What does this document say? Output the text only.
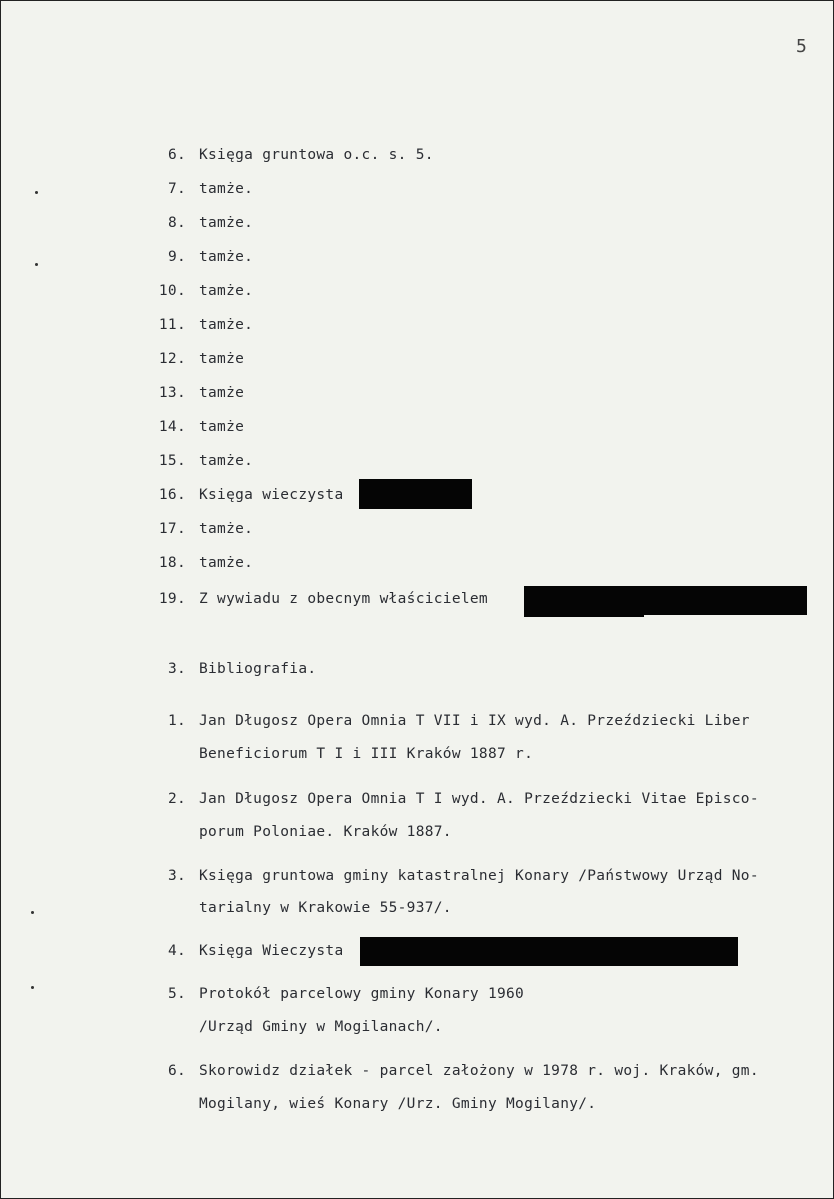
5
6. Księga gruntowa o.c. s. 5.
7. tamże.
8. tamże.
9. tamże.
10. tamże.
11. tamże.
12. tamże
13. tamże
14. tamże
15. tamże.
16. Księga wieczysta
17. tamże.
18. tamże.
19. Z wywiadu z obecnym właścicielem
3. Bibliografia.
1. Jan Długosz Opera Omnia T VII i IX wyd. A. Przeździecki Liber
Beneficiorum T I i III Kraków 1887 r.
2. Jan Długosz Opera Omnia T I wyd. A. Przeździecki Vitae Episco-
porum Poloniae. Kraków 1887.
3. Księga gruntowa gminy katastralnej Konary /Państwowy Urząd No-
tarialny w Krakowie 55-937/.
4. Księga Wieczysta
5. Protokół parcelowy gminy Konary 1960
/Urząd Gminy w Mogilanach/.
6. Skorowidz działek - parcel założony w 1978 r. woj. Kraków, gm.
Mogilany, wieś Konary /Urz. Gminy Mogilany/.
